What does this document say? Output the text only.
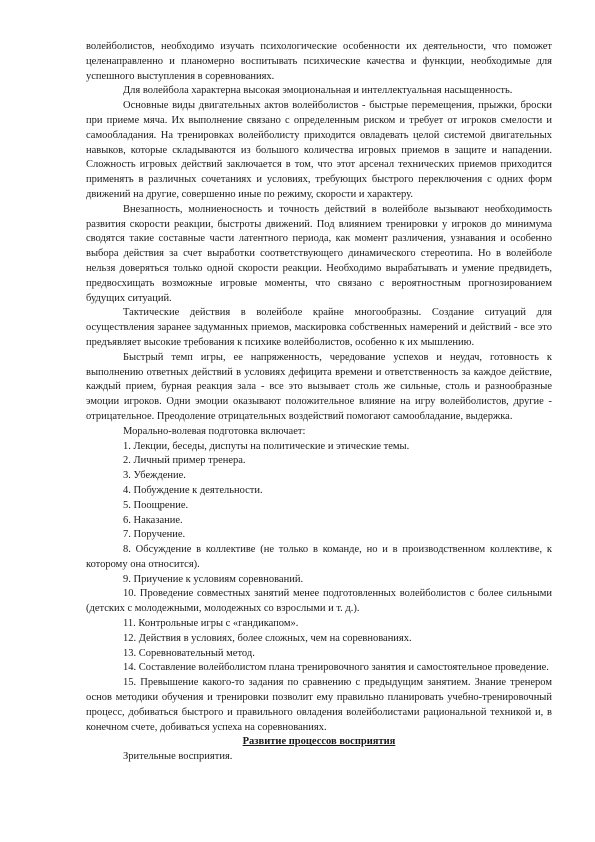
волейболистов, необходимо изучать психологические особенности их деятельности, что поможет целенаправленно и планомерно воспитывать психические качества и функции, необходимые для успешного выступления в соревнованиях.

Для волейбола характерна высокая эмоциональная и интеллектуальная насыщенность.

Основные виды двигательных актов волейболистов - быстрые перемещения, прыжки, броски при приеме мяча. Их выполнение связано с определенным риском и требует от игроков смелости и самообладания. На тренировках волейболисту приходится овладевать целой системой двигательных навыков, которые складываются из большого количества игровых приемов в защите и нападении. Сложность игровых действий заключается в том, что этот арсенал технических приемов приходится применять в различных сочетаниях и условиях, требующих быстрого переключения с одних форм движений на другие, совершенно иные по режиму, скорости и характеру.

Внезапность, молниеносность и точность действий в волейболе вызывают необходимость развития скорости реакции, быстроты движений. Под влиянием тренировки у игроков до минимума сводятся такие составные части латентного периода, как момент различения, узнавания и особенно выбора действия за счет выработки соответствующего динамического стереотипа. Но в волейболе нельзя доверяться только одной скорости реакции. Необходимо вырабатывать и умение предвидеть, предвосхищать возможные игровые моменты, что связано с вероятностным прогнозированием будущих ситуаций.

Тактические действия в волейболе крайне многообразны. Создание ситуаций для осуществления заранее задуманных приемов, маскировка собственных намерений и действий - все это предъявляет высокие требования к психике волейболистов, особенно к их мышлению.

Быстрый темп игры, ее напряженность, чередование успехов и неудач, готовность к выполнению ответных действий в условиях дефицита времени и ответственность за каждое действие, каждый прием, бурная реакция зала - все это вызывает столь же сильные, столь и разнообразные эмоции игроков. Одни эмоции оказывают положительное влияние на игру волейболистов, другие - отрицательное. Преодоление отрицательных воздействий помогают самообладание, выдержка.

Морально-волевая подготовка включает:

1. Лекции, беседы, диспуты на политические и этические темы.

2. Личный пример тренера.

3. Убеждение.

4. Побуждение к деятельности.

5. Поощрение.

6. Наказание.

7. Поручение.

8. Обсуждение в коллективе (не только в команде, но и в производственном коллективе, к которому она относится).

9. Приучение к условиям соревнований.

10. Проведение совместных занятий менее подготовленных волейболистов с более сильными (детских с молодежными, молодежных со взрослыми и т. д.).

11. Контрольные игры с «гандикапом».

12. Действия в условиях, более сложных, чем на соревнованиях.

13. Соревновательный метод.

14. Составление волейболистом плана тренировочного занятия и самостоятельное проведение.

15. Превышение какого-то задания по сравнению с предыдущим занятием. Знание тренером основ методики обучения и тренировки позволит ему правильно планировать учебно-тренировочный процесс, добиваться быстрого и правильного овладения волейболистами рациональной техникой и, в конечном счете, добиваться успеха на соревнованиях.

Развитие процессов восприятия

Зрительные восприятия.
